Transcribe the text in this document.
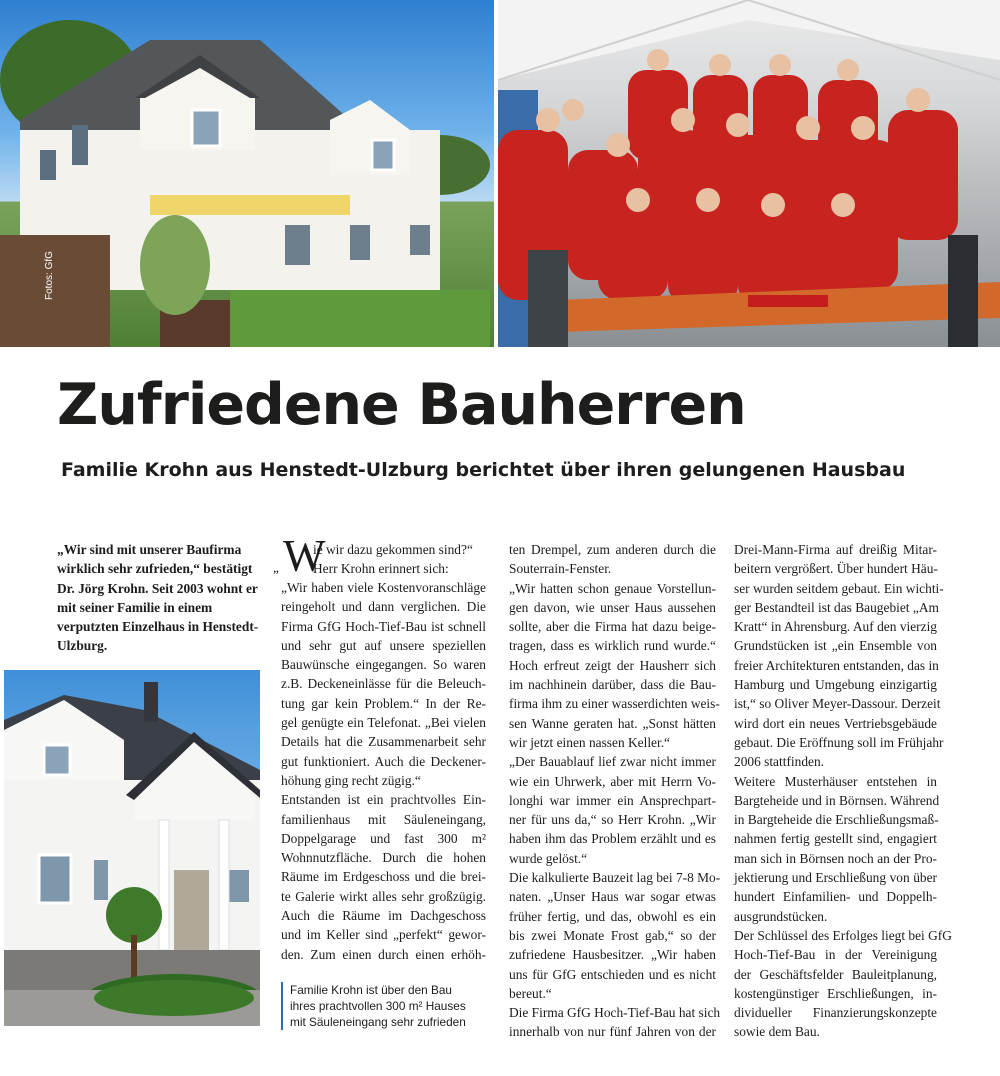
Fotos: GfG
Zufriedene Bauherren
Familie Krohn aus Henstedt-Ulzburg berichtet über ihren gelungenen Hausbau

„Wir sind mit unserer Baufirma wirklich sehr zufrieden,“ bestätigt Dr. Jörg Krohn. Seit 2003 wohnt er mit seiner Familie in einem verputzten Einzelhaus in Henstedt-Ulzburg.

„ W
ie wir dazu gekommen sind?“
Herr Krohn erinnert sich:

„Wir haben viele Kostenvoranschläge

reingeholt und dann verglichen. Die

Firma GfG Hoch-Tief-Bau ist schnell

und sehr gut auf unsere speziellen

Bauwünsche eingegangen. So waren

z.B. Deckeneinlässe für die Beleuch-

tung gar kein Problem.“ In der Re-

gel genügte ein Telefonat. „Bei vielen

Details hat die Zusammenarbeit sehr

gut funktioniert. Auch die Deckener-

höhung ging recht zügig.“

Entstanden ist ein prachtvolles Ein-

familienhaus mit Säuleneingang,

Doppelgarage und fast 300 m²

Wohnnutzfläche. Durch die hohen

Räume im Erdgeschoss und die brei-

te Galerie wirkt alles sehr großzügig.

Auch die Räume im Dachgeschoss

und im Keller sind „perfekt“ gewor-

den. Zum einen durch einen erhöh-

Familie Krohn ist über den Bau

ihres prachtvollen 300 m² Hauses

mit Säuleneingang sehr zufrieden

ten Drempel, zum anderen durch die

Souterrain-Fenster.

„Wir hatten schon genaue Vorstellun-

gen davon, wie unser Haus aussehen

sollte, aber die Firma hat dazu beige-

tragen, dass es wirklich rund wurde.“

Hoch erfreut zeigt der Hausherr sich

im nachhinein darüber, dass die Bau-

firma ihm zu einer wasserdichten weis-

sen Wanne geraten hat. „Sonst hätten

wir jetzt einen nassen Keller.“

„Der Bauablauf lief zwar nicht immer

wie ein Uhrwerk, aber mit Herrn Vo-

longhi war immer ein Ansprechpart-

ner für uns da,“ so Herr Krohn. „Wir

haben ihm das Problem erzählt und es

wurde gelöst.“

Die kalkulierte Bauzeit lag bei 7-8 Mo-

naten. „Unser Haus war sogar etwas

früher fertig, und das, obwohl es ein

bis zwei Monate Frost gab,“ so der

zufriedene Hausbesitzer. „Wir haben

uns für GfG entschieden und es nicht

bereut.“

Die Firma GfG Hoch-Tief-Bau hat sich

innerhalb von nur fünf Jahren von der

Drei-Mann-Firma auf dreißig Mitar-

beitern vergrößert. Über hundert Häu-

ser wurden seitdem gebaut. Ein wichti-

ger Bestandteil ist das Baugebiet „Am

Kratt“ in Ahrensburg. Auf den vierzig

Grundstücken ist „ein Ensemble von

freier Architekturen entstanden, das in

Hamburg und Umgebung einzigartig

ist,“ so Oliver Meyer-Dassour. Derzeit

wird dort ein neues Vertriebsgebäude

gebaut. Die Eröffnung soll im Frühjahr

2006 stattfinden.

Weitere Musterhäuser entstehen in

Bargteheide und in Börnsen. Während

in Bargteheide die Erschließungsmaß-

nahmen fertig gestellt sind, engagiert

man sich in Börnsen noch an der Pro-

jektierung und Erschließung von über

hundert Einfamilien- und Doppelh-

ausgrundstücken.

Der Schlüssel des Erfolges liegt bei GfG

Hoch-Tief-Bau in der Vereinigung

der Geschäftsfelder Bauleitplanung,

kostengünstiger Erschließungen, in-

dividueller Finanzierungskonzepte

sowie dem Bau.
